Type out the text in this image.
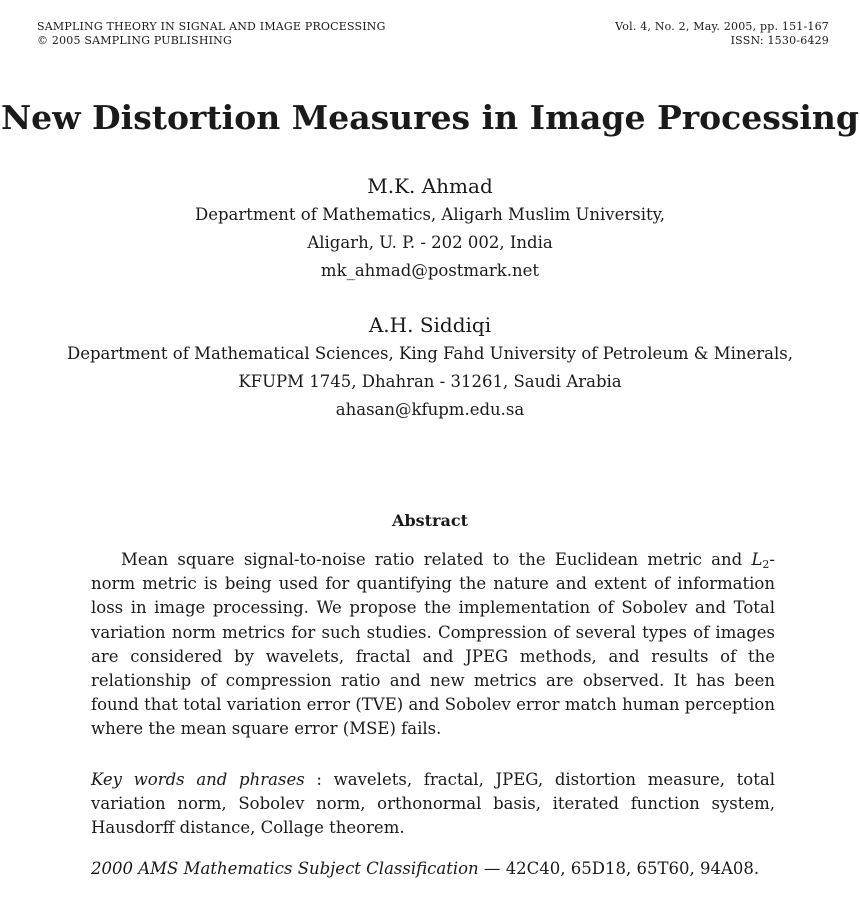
SAMPLING THEORY IN SIGNAL AND IMAGE PROCESSING
© 2005 SAMPLING PUBLISHING
Vol. 4, No. 2, May. 2005, pp. 151-167
ISSN: 1530-6429
New Distortion Measures in Image Processing
M.K. Ahmad
Department of Mathematics, Aligarh Muslim University,
Aligarh, U. P. - 202 002, India
mk_ahmad@postmark.net
A.H. Siddiqi
Department of Mathematical Sciences, King Fahd University of Petroleum & Minerals,
KFUPM 1745, Dhahran - 31261, Saudi Arabia
ahasan@kfupm.edu.sa
Abstract

Mean square signal-to-noise ratio related to the Euclidean metric and $L_2$-norm metric is being used for quantifying the nature and extent of information loss in image processing. We propose the implementation of Sobolev and Total variation norm metrics for such studies. Compression of several types of images are considered by wavelets, fractal and JPEG methods, and results of the relationship of compression ratio and new metrics are observed. It has been found that total variation error (TVE) and Sobolev error match human perception where the mean square error (MSE) fails.

Key words and phrases : wavelets, fractal, JPEG, distortion measure, total variation norm, Sobolev norm, orthonormal basis, iterated function system, Hausdorff distance, Collage theorem.

2000 AMS Mathematics Subject Classification — 42C40, 65D18, 65T60, 94A08.
